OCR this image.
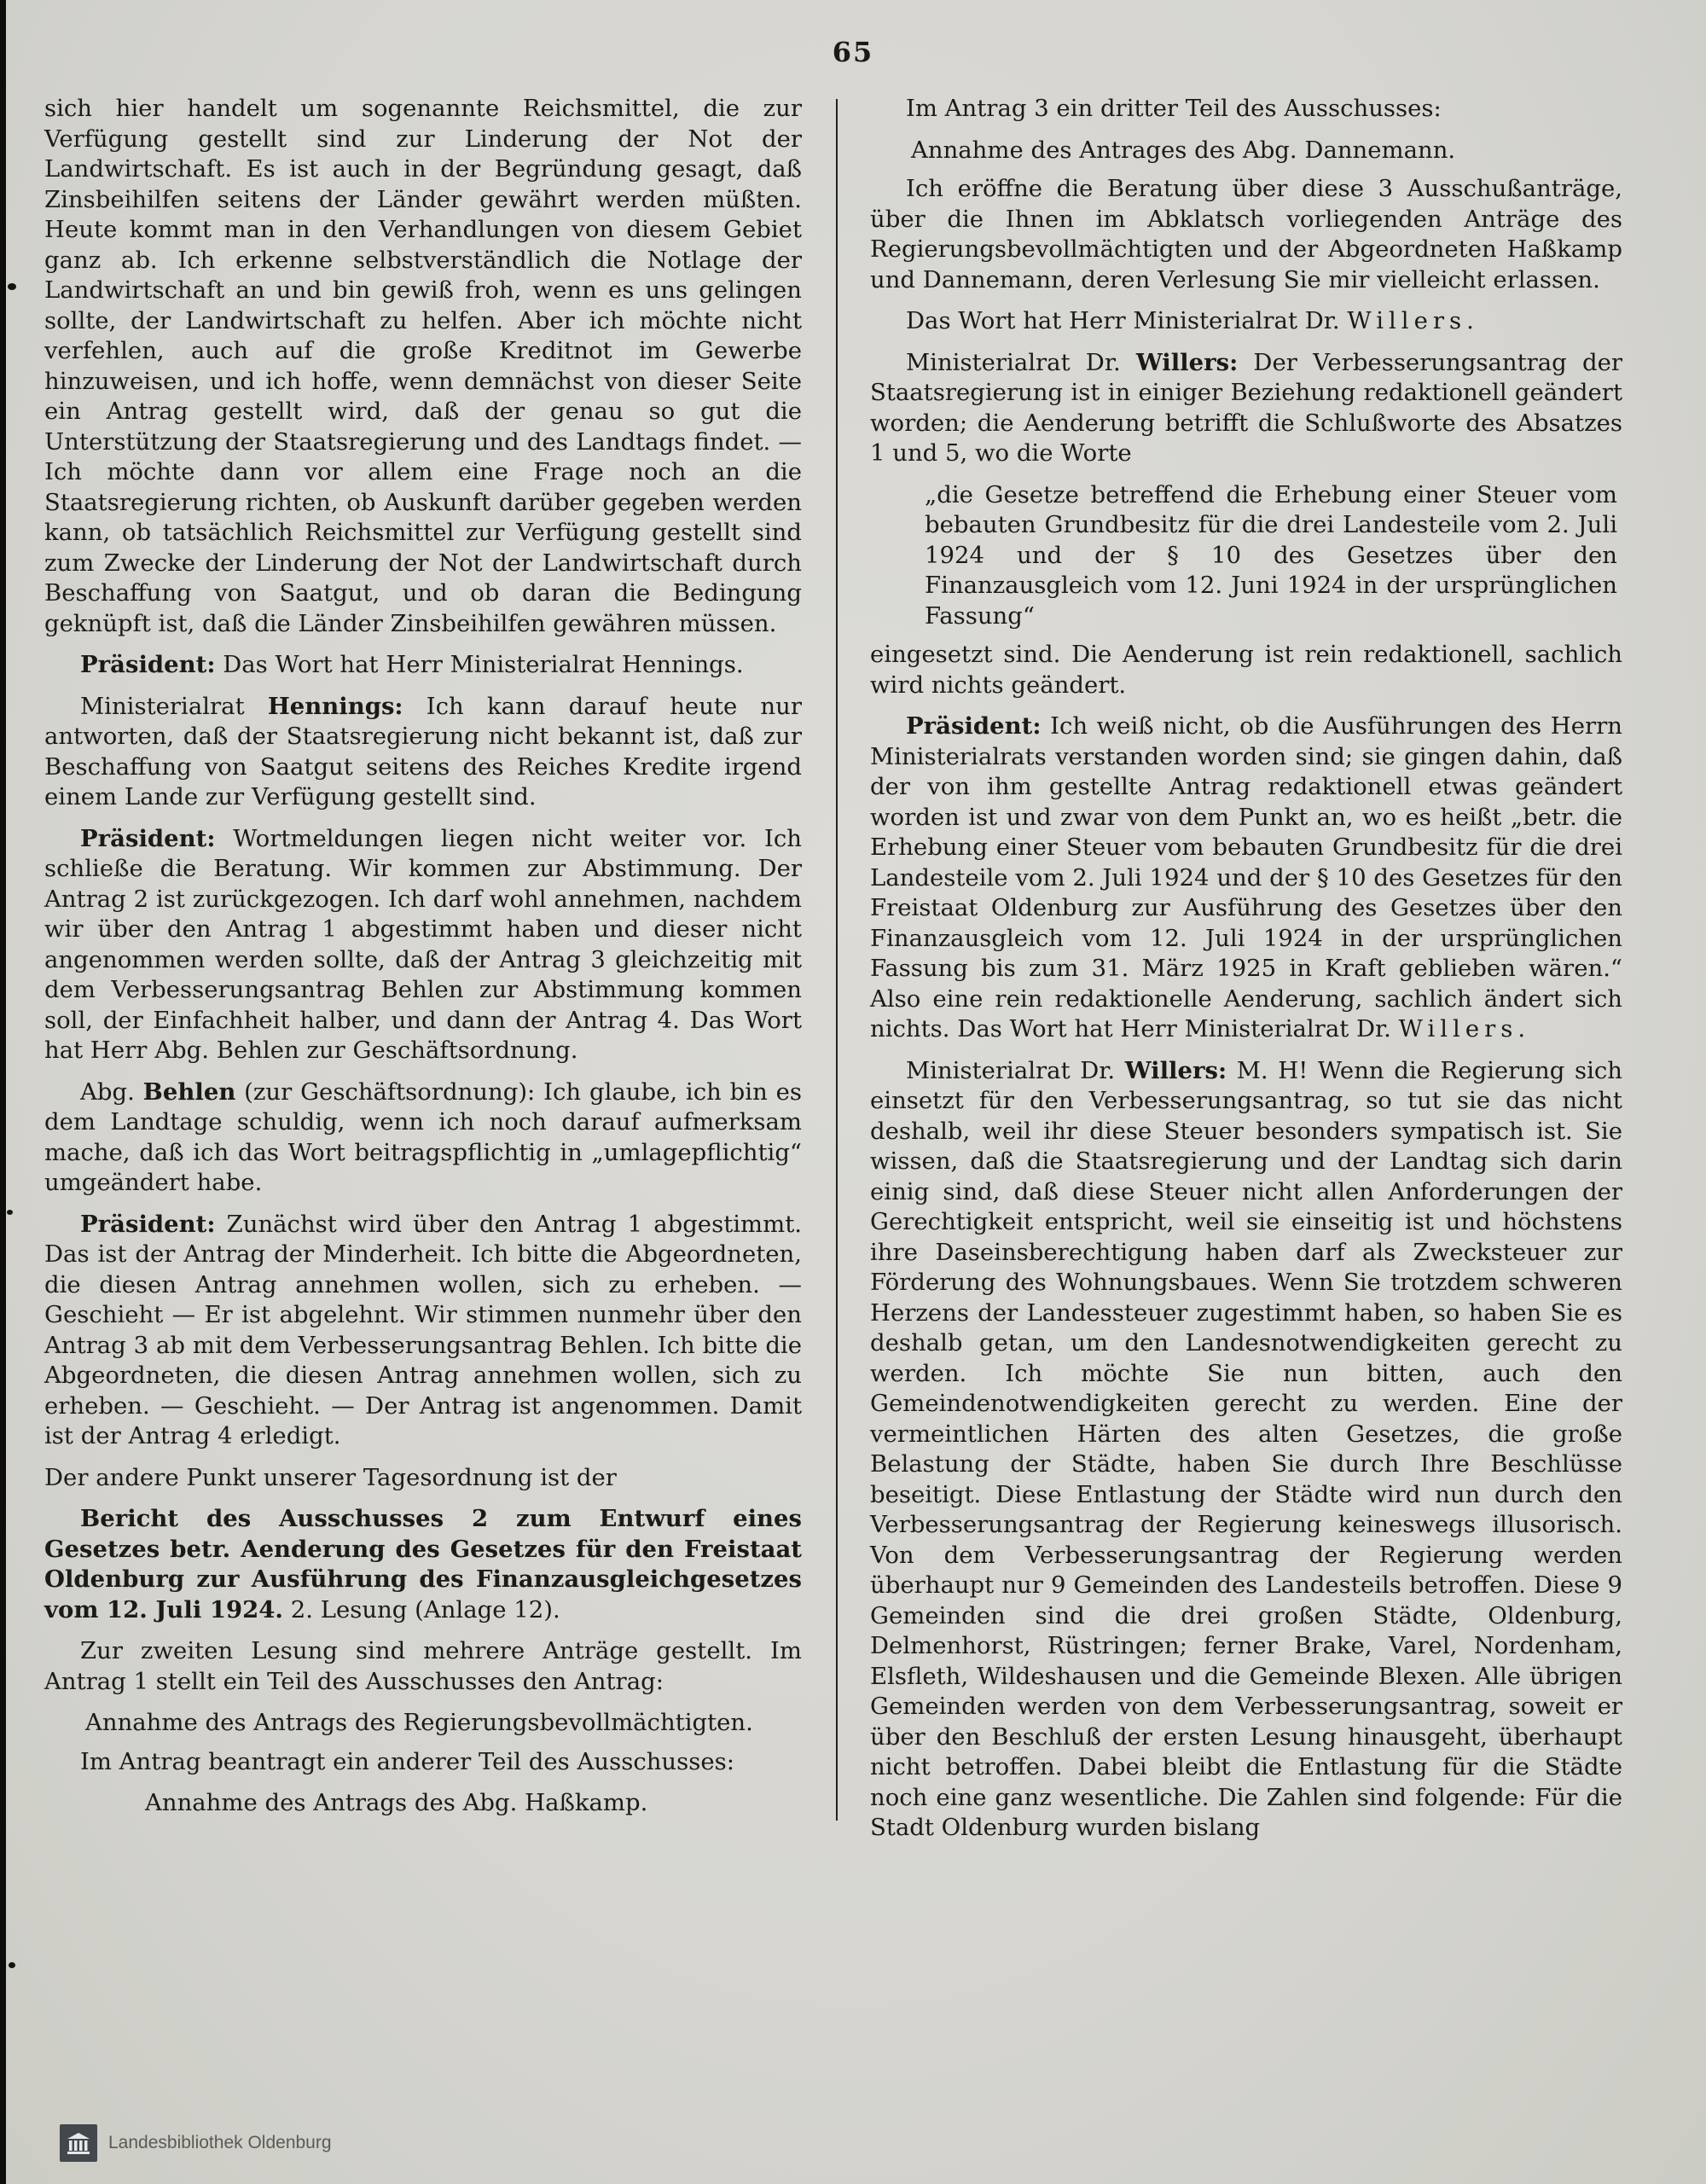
65

sich hier handelt um sogenannte Reichsmittel, die zur Verfügung gestellt sind zur Linderung der Not der Landwirtschaft. Es ist auch in der Begründung gesagt, daß Zinsbeihilfen seitens der Länder gewährt werden müßten. Heute kommt man in den Verhandlungen von diesem Gebiet ganz ab. Ich erkenne selbstverständlich die Notlage der Landwirtschaft an und bin gewiß froh, wenn es uns gelingen sollte, der Landwirtschaft zu helfen. Aber ich möchte nicht verfehlen, auch auf die große Kreditnot im Gewerbe hinzuweisen, und ich hoffe, wenn demnächst von dieser Seite ein Antrag gestellt wird, daß der genau so gut die Unterstützung der Staatsregierung und des Landtags findet. — Ich möchte dann vor allem eine Frage noch an die Staatsregierung richten, ob Auskunft darüber gegeben werden kann, ob tatsächlich Reichsmittel zur Verfügung gestellt sind zum Zwecke der Linderung der Not der Landwirtschaft durch Beschaffung von Saatgut, und ob daran die Bedingung geknüpft ist, daß die Länder Zinsbeihilfen gewähren müssen.

Präsident: Das Wort hat Herr Ministerialrat Hennings.

Ministerialrat Hennings: Ich kann darauf heute nur antworten, daß der Staatsregierung nicht bekannt ist, daß zur Beschaffung von Saatgut seitens des Reiches Kredite irgend einem Lande zur Verfügung gestellt sind.

Präsident: Wortmeldungen liegen nicht weiter vor. Ich schließe die Beratung. Wir kommen zur Abstimmung. Der Antrag 2 ist zurückgezogen. Ich darf wohl annehmen, nachdem wir über den Antrag 1 abgestimmt haben und dieser nicht angenommen werden sollte, daß der Antrag 3 gleichzeitig mit dem Verbesserungsantrag Behlen zur Abstimmung kommen soll, der Einfachheit halber, und dann der Antrag 4. Das Wort hat Herr Abg. Behlen zur Geschäftsordnung.

Abg. Behlen (zur Geschäftsordnung): Ich glaube, ich bin es dem Landtage schuldig, wenn ich noch darauf aufmerksam mache, daß ich das Wort beitragspflichtig in „umlagepflichtig“ umgeändert habe.

Präsident: Zunächst wird über den Antrag 1 abgestimmt. Das ist der Antrag der Minderheit. Ich bitte die Abgeordneten, die diesen Antrag annehmen wollen, sich zu erheben. — Geschieht — Er ist abgelehnt. Wir stimmen nunmehr über den Antrag 3 ab mit dem Verbesserungsantrag Behlen. Ich bitte die Abgeordneten, die diesen Antrag annehmen wollen, sich zu erheben. — Geschieht. — Der Antrag ist angenommen. Damit ist der Antrag 4 erledigt.

Der andere Punkt unserer Tagesordnung ist der

Bericht des Ausschusses 2 zum Entwurf eines Gesetzes betr. Aenderung des Gesetzes für den Freistaat Oldenburg zur Ausführung des Finanzausgleichgesetzes vom 12. Juli 1924. 2. Lesung (Anlage 12).

Zur zweiten Lesung sind mehrere Anträge gestellt. Im Antrag 1 stellt ein Teil des Ausschusses den Antrag:

Annahme des Antrags des Regierungsbevollmächtigten.

Im Antrag beantragt ein anderer Teil des Ausschusses:

Annahme des Antrags des Abg. Haßkamp.

Im Antrag 3 ein dritter Teil des Ausschusses:

Annahme des Antrages des Abg. Dannemann.

Ich eröffne die Beratung über diese 3 Ausschußanträge, über die Ihnen im Abklatsch vorliegenden Anträge des Regierungsbevollmächtigten und der Abgeordneten Haßkamp und Dannemann, deren Verlesung Sie mir vielleicht erlassen.

Das Wort hat Herr Ministerialrat Dr. Willers.

Ministerialrat Dr. Willers: Der Verbesserungsantrag der Staatsregierung ist in einiger Beziehung redaktionell geändert worden; die Aenderung betrifft die Schlußworte des Absatzes 1 und 5, wo die Worte

„die Gesetze betreffend die Erhebung einer Steuer vom bebauten Grundbesitz für die drei Landesteile vom 2. Juli 1924 und der § 10 des Gesetzes über den Finanzausgleich vom 12. Juni 1924 in der ursprünglichen Fassung“

eingesetzt sind. Die Aenderung ist rein redaktionell, sachlich wird nichts geändert.

Präsident: Ich weiß nicht, ob die Ausführungen des Herrn Ministerialrats verstanden worden sind; sie gingen dahin, daß der von ihm gestellte Antrag redaktionell etwas geändert worden ist und zwar von dem Punkt an, wo es heißt „betr. die Erhebung einer Steuer vom bebauten Grundbesitz für die drei Landesteile vom 2. Juli 1924 und der § 10 des Gesetzes für den Freistaat Oldenburg zur Ausführung des Gesetzes über den Finanzausgleich vom 12. Juli 1924 in der ursprünglichen Fassung bis zum 31. März 1925 in Kraft geblieben wären.“ Also eine rein redaktionelle Aenderung, sachlich ändert sich nichts. Das Wort hat Herr Ministerialrat Dr. Willers.

Ministerialrat Dr. Willers: M. H! Wenn die Regierung sich einsetzt für den Verbesserungsantrag, so tut sie das nicht deshalb, weil ihr diese Steuer besonders sympatisch ist. Sie wissen, daß die Staatsregierung und der Landtag sich darin einig sind, daß diese Steuer nicht allen Anforderungen der Gerechtigkeit entspricht, weil sie einseitig ist und höchstens ihre Daseinsberechtigung haben darf als Zwecksteuer zur Förderung des Wohnungsbaues. Wenn Sie trotzdem schweren Herzens der Landessteuer zugestimmt haben, so haben Sie es deshalb getan, um den Landesnotwendigkeiten gerecht zu werden. Ich möchte Sie nun bitten, auch den Gemeindenotwendigkeiten gerecht zu werden. Eine der vermeintlichen Härten des alten Gesetzes, die große Belastung der Städte, haben Sie durch Ihre Beschlüsse beseitigt. Diese Entlastung der Städte wird nun durch den Verbesserungsantrag der Regierung keineswegs illusorisch. Von dem Verbesserungsantrag der Regierung werden überhaupt nur 9 Gemeinden des Landesteils betroffen. Diese 9 Gemeinden sind die drei großen Städte, Oldenburg, Delmenhorst, Rüstringen; ferner Brake, Varel, Nordenham, Elsfleth, Wildeshausen und die Gemeinde Blexen. Alle übrigen Gemeinden werden von dem Verbesserungsantrag, soweit er über den Beschluß der ersten Lesung hinausgeht, überhaupt nicht betroffen. Dabei bleibt die Entlastung für die Städte noch eine ganz wesentliche. Die Zahlen sind folgende: Für die Stadt Oldenburg wurden bislang

Landesbibliothek Oldenburg
